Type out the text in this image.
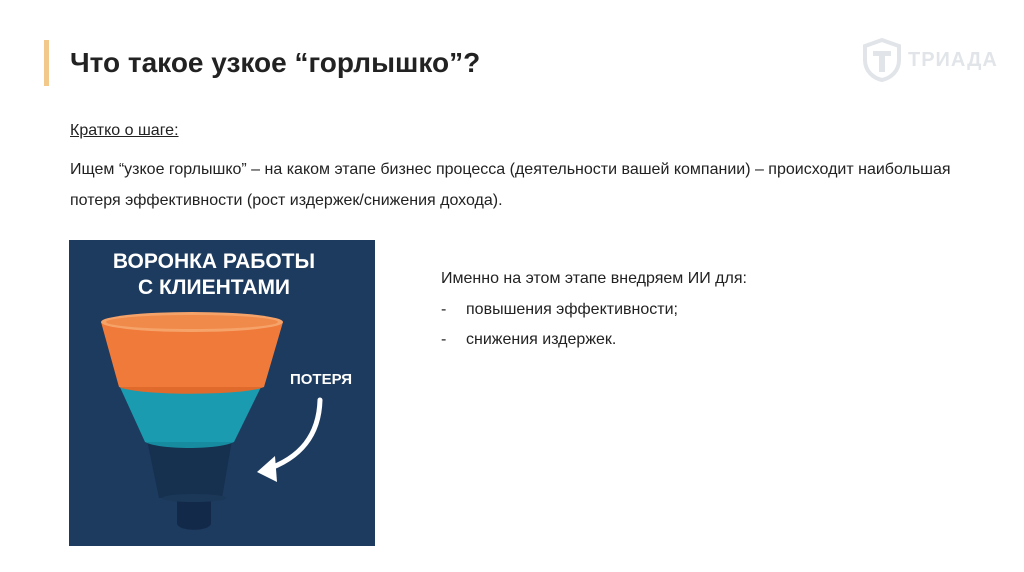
Что такое узкое “горлышко”?	ТРИАДА
Кратко о шаге:
Ищем “узкое горлышко” – на каком этапе бизнес процесса (деятельности вашей компании) – происходит наибольшая потеря эффективности (рост издержек/снижения дохода).
ВОРОНКА РАБОТЫ
С КЛИЕНТАМИ
ПОТЕРЯ
Именно на этом этапе внедряем ИИ для:
-	повышения эффективности;
-	снижения издержек.
